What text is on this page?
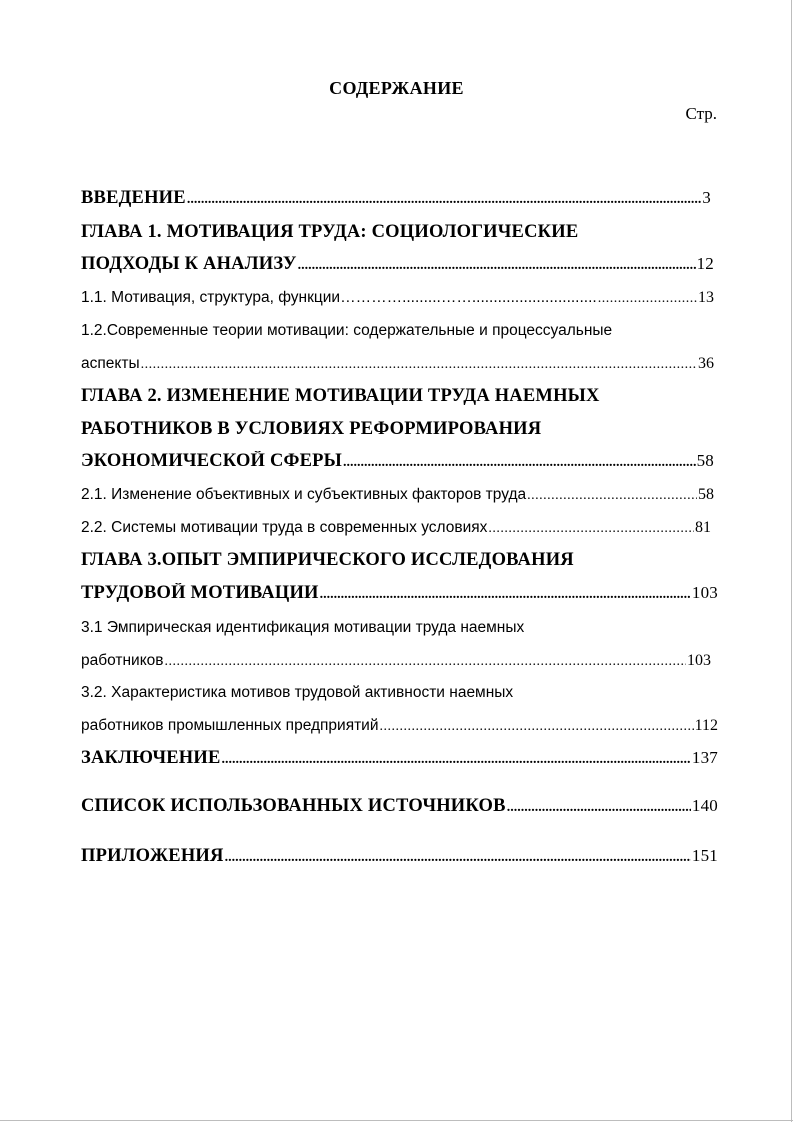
СОДЕРЖАНИЕ
Стр.
ВВЕДЕНИЕ .....	3
ГЛАВА 1. МОТИВАЦИЯ ТРУДА: СОЦИОЛОГИЧЕСКИЕ
ПОДХОДЫ К АНАЛИЗУ .....	12
1.1. Мотивация, структура, функции………….........……............................. .....	13
1.2.Современные теории мотивации: содержательные и процессуальные
аспекты .....	36
ГЛАВА 2. ИЗМЕНЕНИЕ МОТИВАЦИИ ТРУДА НАЕМНЫХ
РАБОТНИКОВ В УСЛОВИЯХ РЕФОРМИРОВАНИЯ
ЭКОНОМИЧЕСКОЙ СФЕРЫ .....	58
2.1. Изменение объективных и субъективных факторов труда .....	58
2.2. Системы мотивации труда в современных условиях .....	81
ГЛАВА 3.ОПЫТ ЭМПИРИЧЕСКОГО ИССЛЕДОВАНИЯ
ТРУДОВОЙ МОТИВАЦИИ .....	103
3.1 Эмпирическая идентификация мотивации труда наемных
работников .....	103
3.2. Характеристика мотивов трудовой активности наемных
работников промышленных предприятий .....	112
ЗАКЛЮЧЕНИЕ .....	137
СПИСОК ИСПОЛЬЗОВАННЫХ ИСТОЧНИКОВ .....	140
ПРИЛОЖЕНИЯ .....	151
